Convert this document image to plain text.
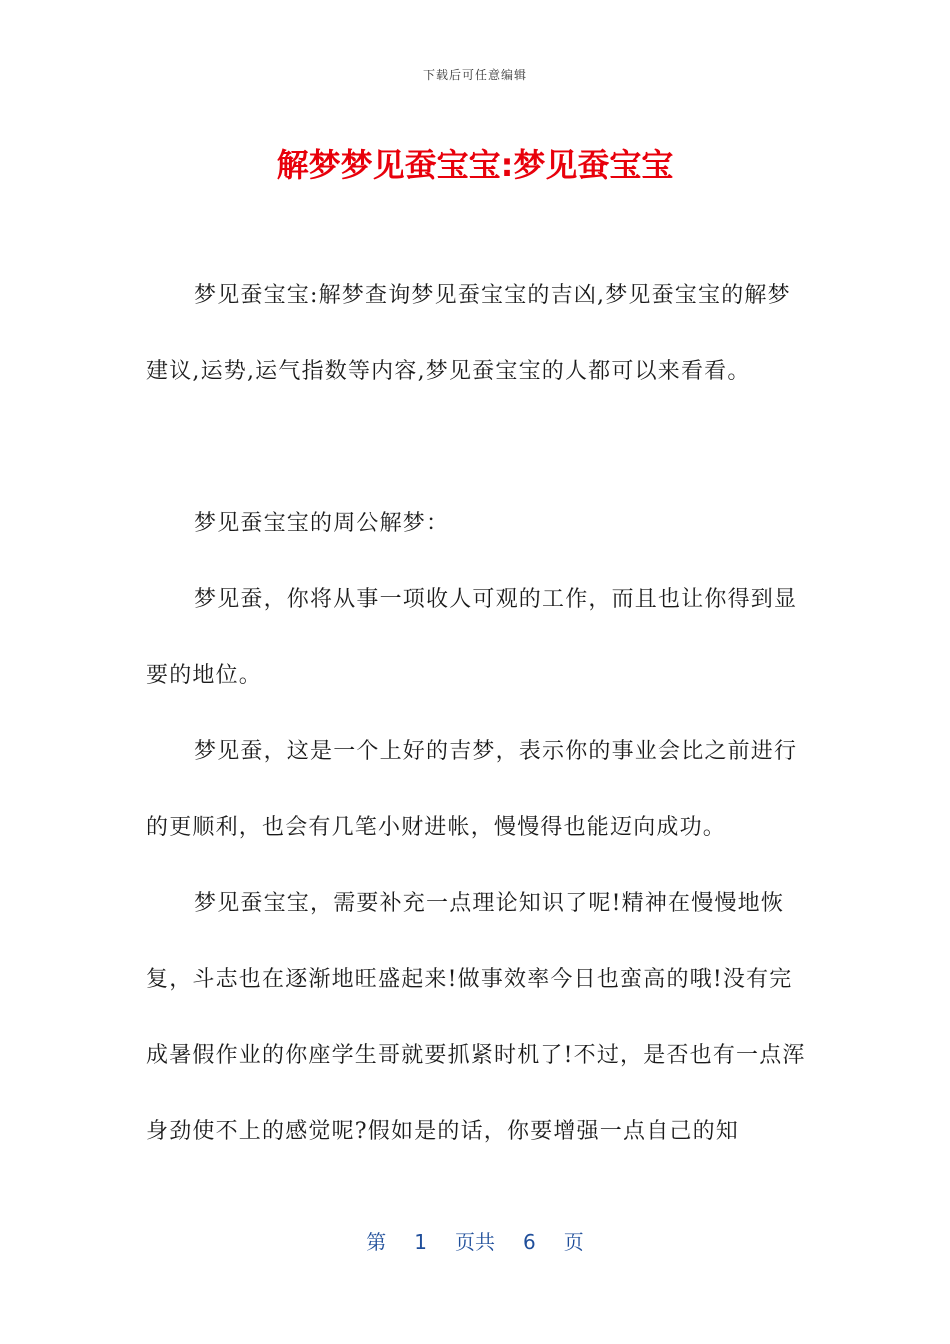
下载后可任意编辑
解梦梦见蚕宝宝:梦见蚕宝宝

梦见蚕宝宝:解梦查询梦见蚕宝宝的吉凶,梦见蚕宝宝的解梦建议,运势,运气指数等内容,梦见蚕宝宝的人都可以来看看。

梦见蚕宝宝的周公解梦：

梦见蚕，你将从事一项收人可观的工作，而且也让你得到显要的地位。

梦见蚕，这是一个上好的吉梦，表示你的事业会比之前进行的更顺利，也会有几笔小财进帐，慢慢得也能迈向成功。

梦见蚕宝宝，需要补充一点理论知识了呢!精神在慢慢地恢复，斗志也在逐渐地旺盛起来!做事效率今日也蛮高的哦!没有完成暑假作业的你座学生哥就要抓紧时机了!不过，是否也有一点浑身劲使不上的感觉呢?假如是的话，你要增强一点自己的知

第 1 页共 6 页
